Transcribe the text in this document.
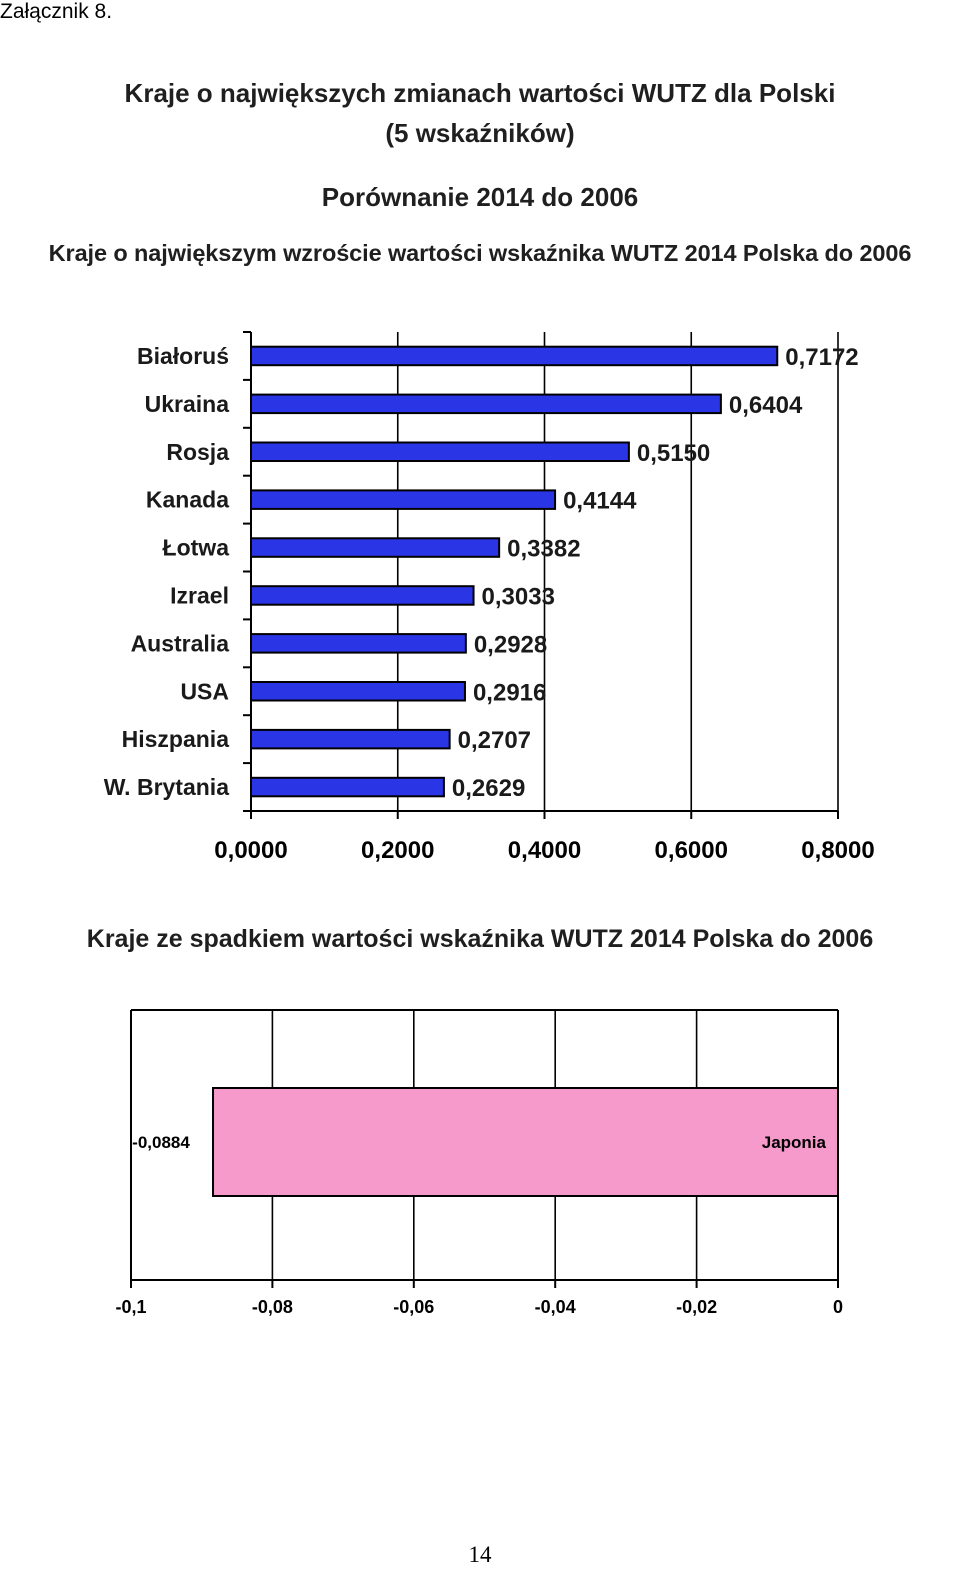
Załącznik 8.
Kraje o największych zmianach wartości WUTZ dla Polski
(5 wskaźników)
Porównanie 2014 do 2006
Kraje o największym wzroście wartości wskaźnika WUTZ 2014 Polska do 2006
Kraje ze spadkiem wartości wskaźnika WUTZ 2014 Polska do 2006
Białoruś	0,7172
Ukraina	0,6404
Rosja	0,5150
Kanada	0,4144
Łotwa	0,3382
Izrael	0,3033
Australia	0,2928
USA	0,2916
Hiszpania	0,2707
W. Brytania	0,2629
0,0000	0,2000	0,4000	0,6000	0,8000
Japonia
-0,0884
-0,1	-0,08	-0,06	-0,04	-0,02	0
14
